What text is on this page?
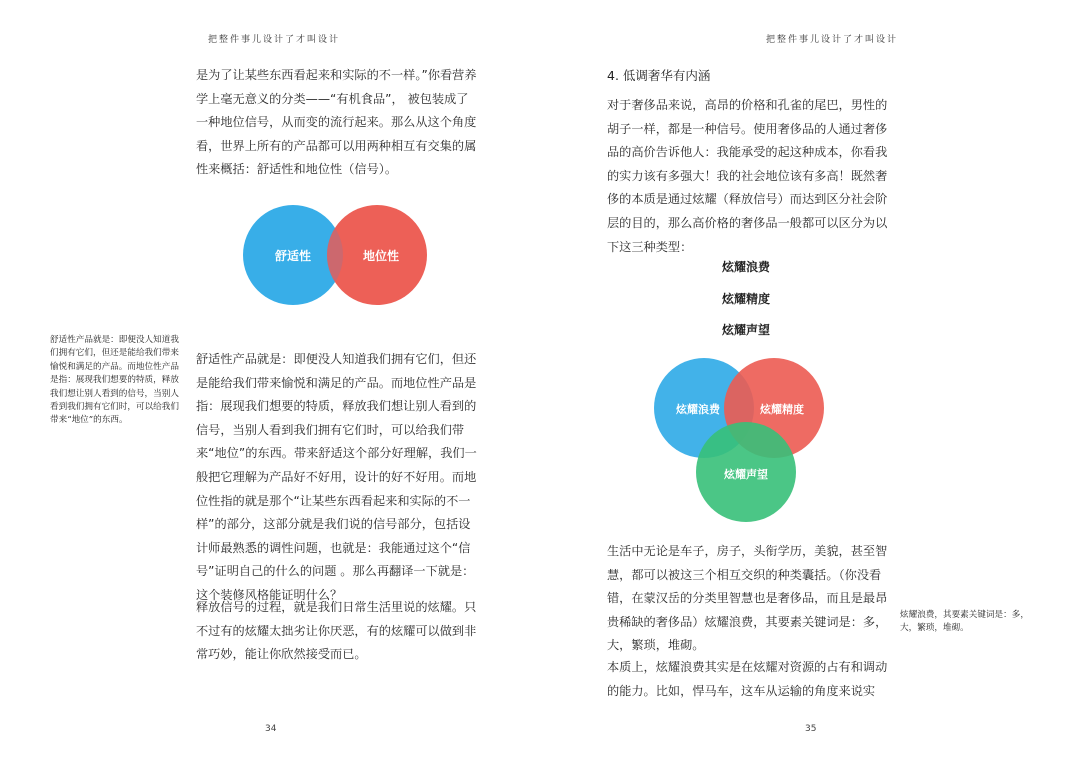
把整件事儿设计了才叫设计
是为了让某些东西看起来和实际的不一样。”你看营养学上毫无意义的分类——“有机食品”， 被包装成了一种地位信号，从而变的流行起来。那么从这个角度看，世界上所有的产品都可以用两种相互有交集的属性来概括：舒适性和地位性（信号）。
舒适性	地位性
舒适性产品就是：即便没人知道我们拥有它们，但还是能给我们带来愉悦和满足的产品。而地位性产品是指：展现我们想要的特质，释放我们想让别人看到的信号，当别人看到我们拥有它们时，可以给我们带来“地位”的东西。
舒适性产品就是：即便没人知道我们拥有它们，但还是能给我们带来愉悦和满足的产品。而地位性产品是指：展现我们想要的特质，释放我们想让别人看到的信号，当别人看到我们拥有它们时，可以给我们带来“地位”的东西。带来舒适这个部分好理解，我们一般把它理解为产品好不好用，设计的好不好用。而地位性指的就是那个“让某些东西看起来和实际的不一样”的部分，这部分就是我们说的信号部分，包括设计师最熟悉的调性问题，也就是：我能通过这个“信号”证明自己的什么的问题 。那么再翻译一下就是：这个装修风格能证明什么？
释放信号的过程，就是我们日常生活里说的炫耀。只不过有的炫耀太拙劣让你厌恶，有的炫耀可以做到非常巧妙，能让你欣然接受而已。
34
把整件事儿设计了才叫设计
4. 低调奢华有内涵
对于奢侈品来说，高昂的价格和孔雀的尾巴，男性的胡子一样，都是一种信号。使用奢侈品的人通过奢侈品的高价告诉他人：我能承受的起这种成本，你看我的实力该有多强大！我的社会地位该有多高！既然奢侈的本质是通过炫耀（释放信号）而达到区分社会阶层的目的，那么高价格的奢侈品一般都可以区分为以下这三种类型：
炫耀浪费
炫耀精度
炫耀声望
炫耀浪费	炫耀精度
炫耀声望
生活中无论是车子，房子，头衔学历，美貌，甚至智慧，都可以被这三个相互交织的种类囊括。（你没看错，在蒙汉岳的分类里智慧也是奢侈品，而且是最昂贵稀缺的奢侈品）炫耀浪费，其要素关键词是：多，大，繁琐，堆砌。
炫耀浪费，其要素关键词是：多，大，繁琐，堆砌。
本质上，炫耀浪费其实是在炫耀对资源的占有和调动的能力。比如，悍马车，这车从运输的角度来说实
35
